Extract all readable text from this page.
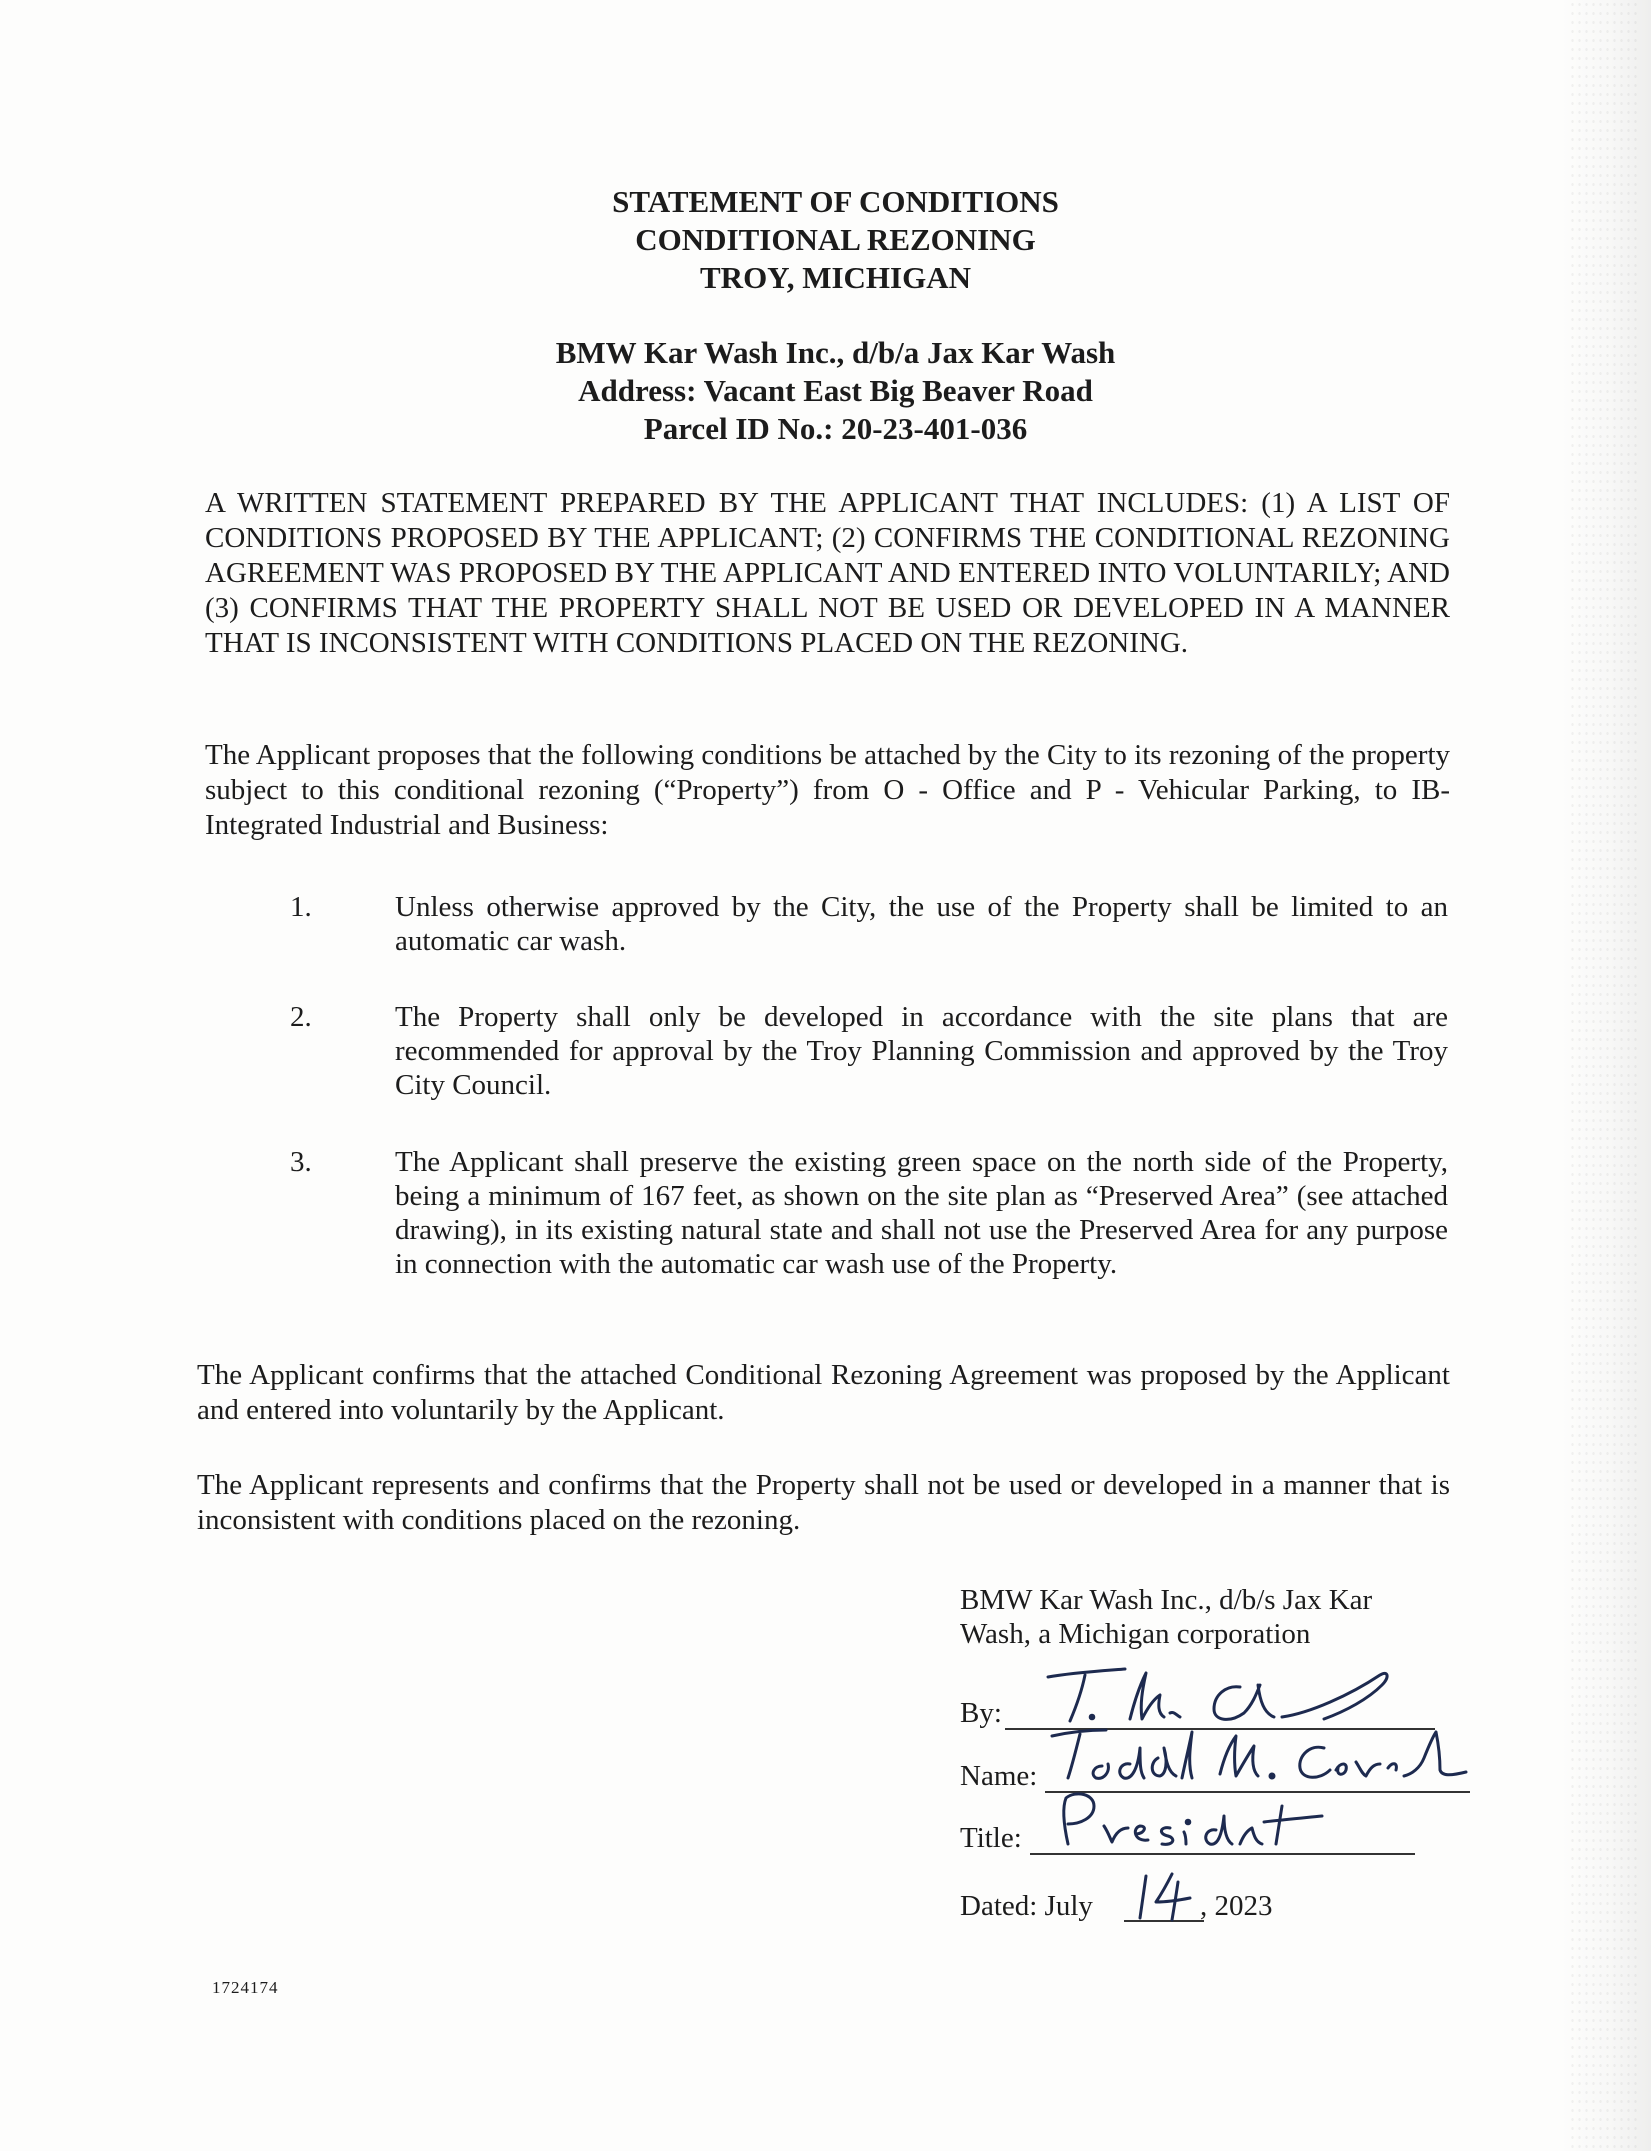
STATEMENT OF CONDITIONS
CONDITIONAL REZONING
TROY, MICHIGAN
BMW Kar Wash Inc., d/b/a Jax Kar Wash
Address: Vacant East Big Beaver Road
Parcel ID No.: 20-23-401-036
A WRITTEN STATEMENT PREPARED BY THE APPLICANT THAT INCLUDES: (1) A LIST OF CONDITIONS PROPOSED BY THE APPLICANT; (2) CONFIRMS THE CONDITIONAL REZONING AGREEMENT WAS PROPOSED BY THE APPLICANT AND ENTERED INTO VOLUNTARILY; AND (3) CONFIRMS THAT THE PROPERTY SHALL NOT BE USED OR DEVELOPED IN A MANNER THAT IS INCONSISTENT WITH CONDITIONS PLACED ON THE REZONING.
The Applicant proposes that the following conditions be attached by the City to its rezoning of the property subject to this conditional rezoning (“Property”) from O - Office and P - Vehicular Parking, to IB-Integrated Industrial and Business:
1.	Unless otherwise approved by the City, the use of the Property shall be limited to an automatic car wash.
2.	The Property shall only be developed in accordance with the site plans that are recommended for approval by the Troy Planning Commission and approved by the Troy City Council.
3.	The Applicant shall preserve the existing green space on the north side of the Property, being a minimum of 167 feet, as shown on the site plan as “Preserved Area” (see attached drawing), in its existing natural state and shall not use the Preserved Area for any purpose in connection with the automatic car wash use of the Property.
The Applicant confirms that the attached Conditional Rezoning Agreement was proposed by the Applicant and entered into voluntarily by the Applicant.
The Applicant represents and confirms that the Property shall not be used or developed in a manner that is inconsistent with conditions placed on the rezoning.
BMW Kar Wash Inc., d/b/s Jax Kar
Wash, a Michigan corporation
By:
Name:
Title:
Dated: July	, 2023
1724174
